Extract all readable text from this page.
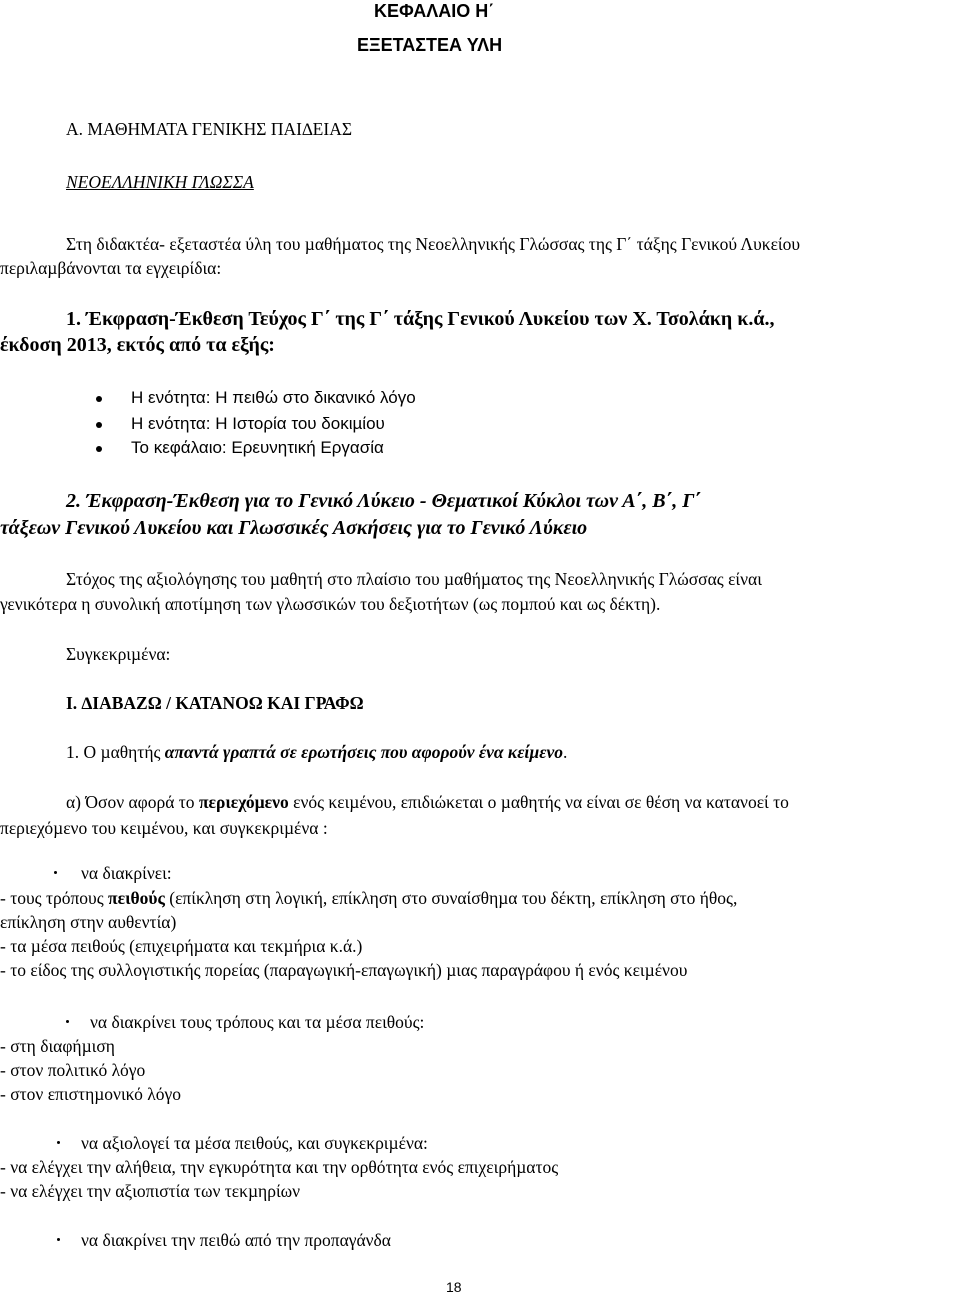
ΚΕΦΑΛΑΙΟ Η΄
ΕΞΕΤΑΣΤΕΑ ΥΛΗ
Α. ΜΑΘΗΜΑΤΑ ΓΕΝΙΚΗΣ ΠΑΙ∆ΕΙΑΣ
ΝΕΟΕΛΛΗΝΙΚΗ ΓΛΩΣΣΑ
Στη διδακτέα- εξεταστέα ύλη του µαθήµατος της Νεοελληνικής Γλώσσας της Γ΄ τάξης Γενικού Λυκείου
περιλαµβάνονται τα εγχειρίδια:
1. Έκφραση-Έκθεση Τεύχος Γ΄ της Γ΄ τάξης Γενικού Λυκείου των Χ. Τσολάκη κ.ά.,
έκδοση 2013, εκτός από τα εξής:
Η ενότητα: Η πειθώ στο δικανικό λόγο
Η ενότητα: Η Ιστορία του δοκιµίου
Το κεφάλαιο: Ερευνητική Εργασία
2. Έκφραση-Έκθεση για το Γενικό Λύκειο - Θεµατικοί Κύκλοι των Α΄, Β΄, Γ΄
τάξεων Γενικού Λυκείου και Γλωσσικές Ασκήσεις για το Γενικό Λύκειο
Στόχος της αξιολόγησης του µαθητή στο πλαίσιο του µαθήµατος της Νεοελληνικής Γλώσσας είναι
γενικότερα η συνολική αποτίµηση των γλωσσικών του δεξιοτήτων (ως ποµπού και ως δέκτη).
Συγκεκριµένα:
Ι. ∆ΙΑΒΑΖΩ / ΚΑΤΑΝΟΩ ΚΑΙ ΓΡΑΦΩ
1. Ο µαθητής απαντά γραπτά σε ερωτήσεις που αφορούν ένα κείµενο.
α) Όσον αφορά το περιεχόµενο ενός κειµένου, επιδιώκεται ο µαθητής να είναι σε θέση να κατανοεί το
περιεχόµενο του κειµένου, και συγκεκριµένα :
να διακρίνει:
- τους τρόπους πειθούς (επίκληση στη λογική, επίκληση στο συναίσθηµα του δέκτη, επίκληση στο ήθος,
επίκληση στην αυθεντία)
- τα µέσα πειθούς (επιχειρήµατα και τεκµήρια κ.ά.)
- το είδος της συλλογιστικής πορείας (παραγωγική-επαγωγική) µιας παραγράφου ή ενός κειµένου
να διακρίνει τους τρόπους και τα µέσα πειθούς:
- στη διαφήµιση
- στον πολιτικό λόγο
- στον επιστηµονικό λόγο
να αξιολογεί τα µέσα πειθούς, και συγκεκριµένα:
- να ελέγχει την αλήθεια, την εγκυρότητα και την ορθότητα ενός επιχειρήµατος
- να ελέγχει την αξιοπιστία των τεκµηρίων
να διακρίνει την πειθώ από την προπαγάνδα
18
